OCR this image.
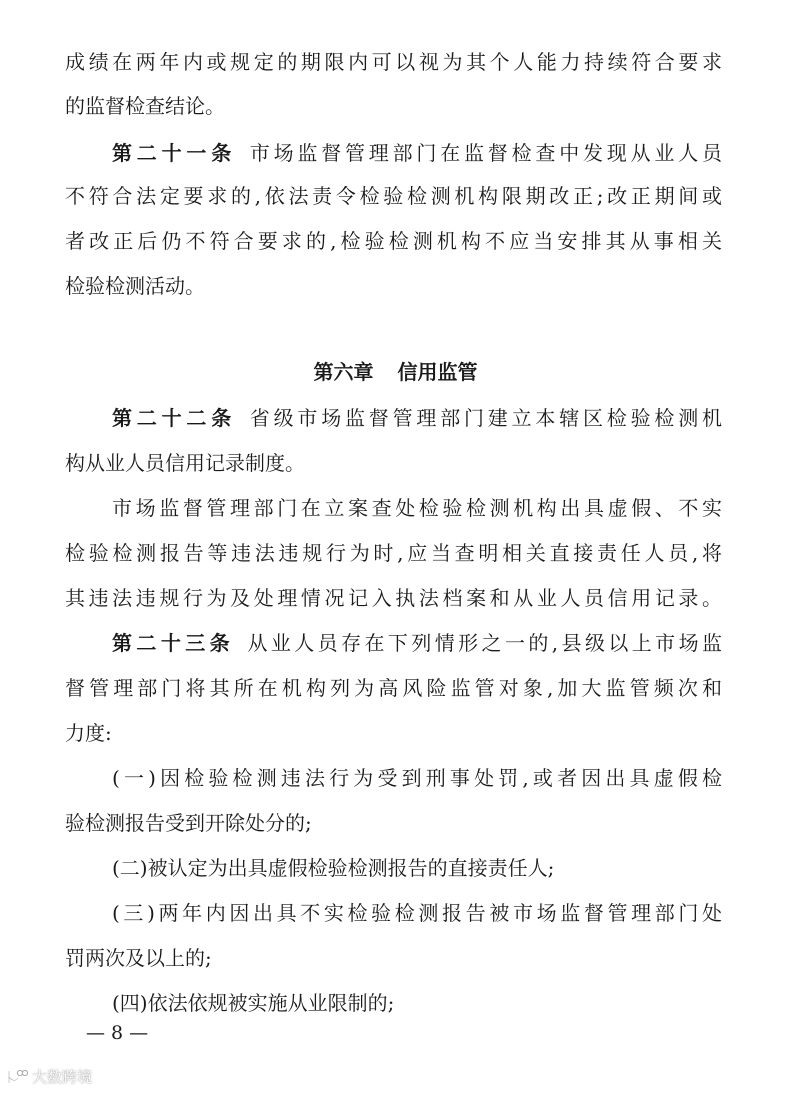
成绩在两年内或规定的期限内可以视为其个人能力持续符合要求
的监督检查结论。
第二十一条  市场监督管理部门在监督检查中发现从业人员
不符合法定要求的,依法责令检验检测机构限期改正;改正期间或
者改正后仍不符合要求的,检验检测机构不应当安排其从事相关
检验检测活动。
第六章 信用监管
第二十二条  省级市场监督管理部门建立本辖区检验检测机
构从业人员信用记录制度。
市场监督管理部门在立案查处检验检测机构出具虚假、不实
检验检测报告等违法违规行为时,应当查明相关直接责任人员,将
其违法违规行为及处理情况记入执法档案和从业人员信用记录。
第二十三条  从业人员存在下列情形之一的,县级以上市场监
督管理部门将其所在机构列为高风险监管对象,加大监管频次和
力度:
(一)因检验检测违法行为受到刑事处罚,或者因出具虚假检
验检测报告受到开除处分的;
(二)被认定为出具虚假检验检测报告的直接责任人;
(三)两年内因出具不实检验检测报告被市场监督管理部门处
罚两次及以上的;
(四)依法依规被实施从业限制的;
— 8 —
大数跨境
